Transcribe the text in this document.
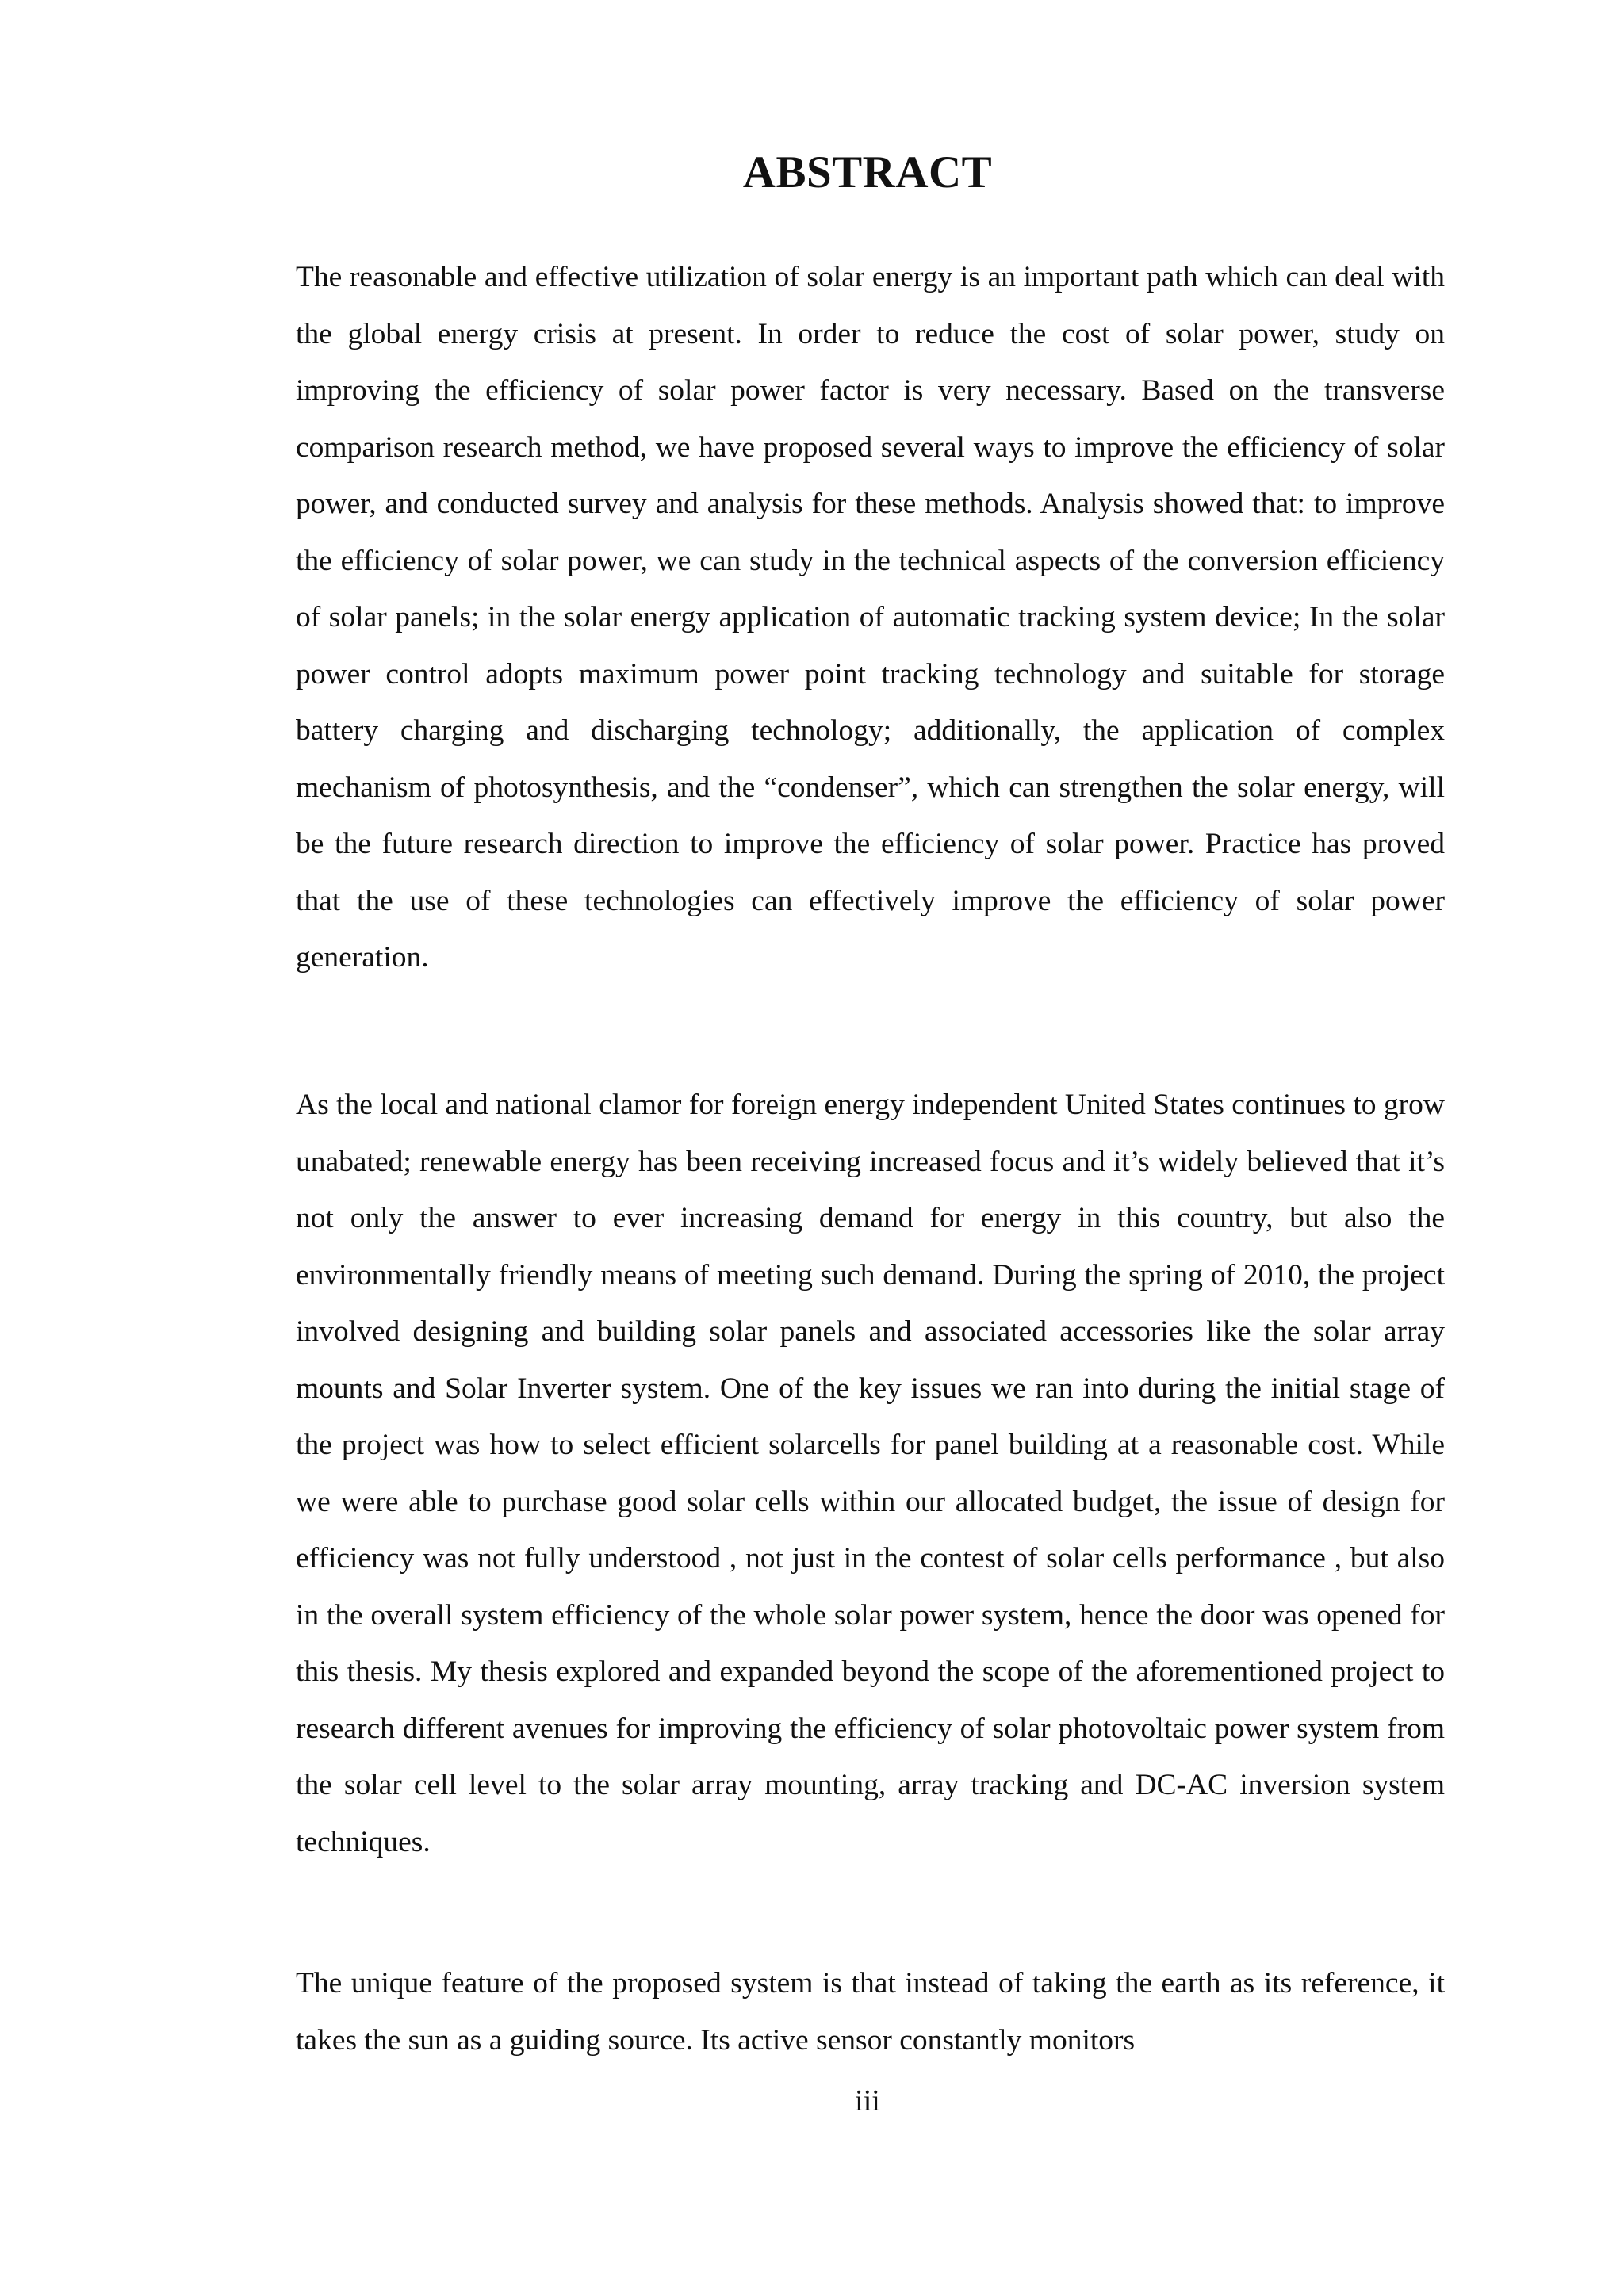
ABSTRACT

The reasonable and effective utilization of solar energy is an important path which can deal with the global energy crisis at present. In order to reduce the cost of solar power, study on improving the efficiency of solar power factor is very necessary. Based on the transverse comparison research method, we have proposed several ways to improve the efficiency of solar power, and conducted survey and analysis for these methods. Analysis showed that: to improve the efficiency of solar power, we can study in the technical aspects of the conversion efficiency of solar panels; in the solar energy application of automatic tracking system device; In the solar power control adopts maximum power point tracking technology and suitable for storage battery charging and discharging technology; additionally, the application of complex mechanism of photosynthesis, and the “condenser”, which can strengthen the solar energy, will be the future research direction to improve the efficiency of solar power. Practice has proved that the use of these technologies can effectively improve the efficiency of solar power generation.

As the local and national clamor for foreign energy independent United States continues to grow unabated; renewable energy has been receiving increased focus and it’s widely believed that it’s not only the answer to ever increasing demand for energy in this country, but also the environmentally friendly means of meeting such demand. During the spring of 2010, the project involved designing and building solar panels and associated accessories like the solar array mounts and Solar Inverter system. One of the key issues we ran into during the initial stage of the project was how to select efficient solarcells for panel building at a reasonable cost. While we were able to purchase good solar cells within our allocated budget, the issue of design for efficiency was not fully understood , not just in the contest of solar cells performance , but also in the overall system efficiency of the whole solar power system, hence the door was opened for this thesis. My thesis explored and expanded beyond the scope of the aforementioned project to research different avenues for improving the efficiency of solar photovoltaic power system from the solar cell level to the solar array mounting, array tracking and DC-AC inversion system techniques.

The unique feature of the proposed system is that instead of taking the earth as its reference, it takes the sun as a guiding source. Its active sensor constantly monitors

iii
